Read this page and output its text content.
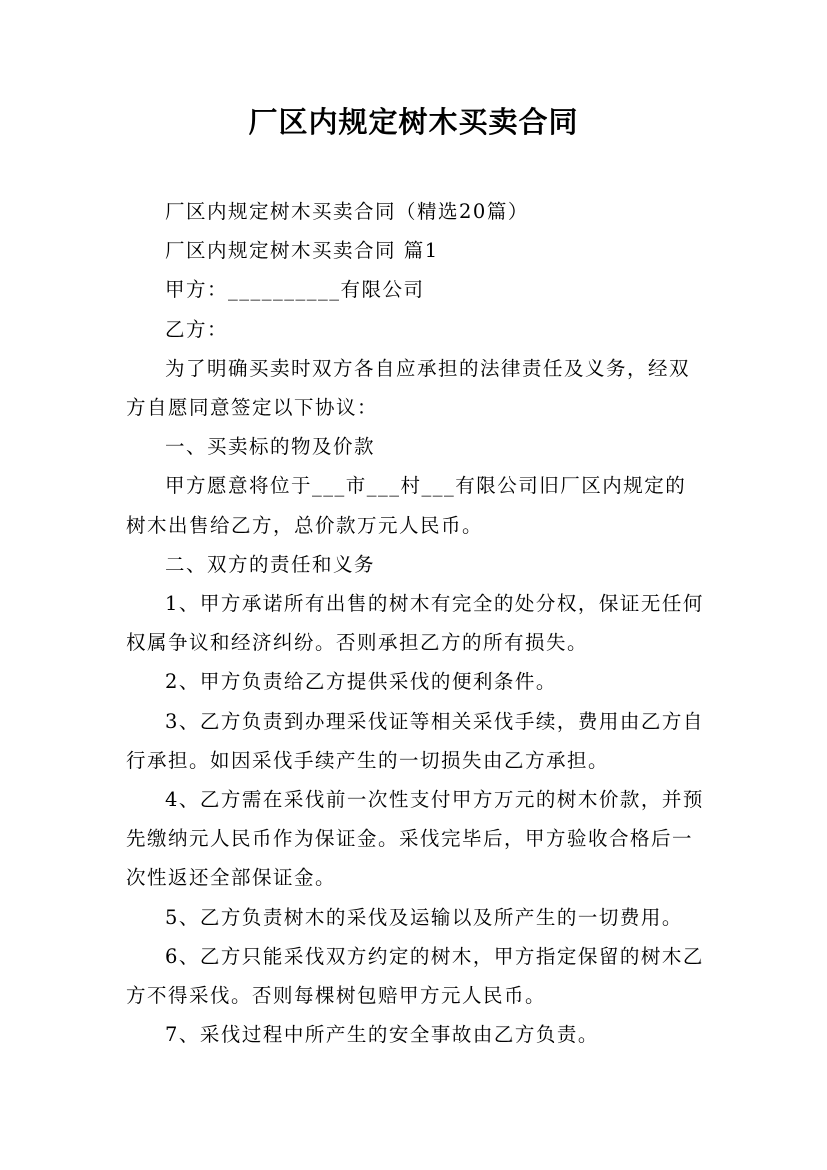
厂区内规定树木买卖合同

厂区内规定树木买卖合同（精选20篇）

厂区内规定树木买卖合同 篇1

甲方：__________有限公司

乙方：

为了明确买卖时双方各自应承担的法律责任及义务，经双方自愿同意签定以下协议：

一、买卖标的物及价款

甲方愿意将位于___市___村___有限公司旧厂区内规定的树木出售给乙方，总价款万元人民币。

二、双方的责任和义务

1、甲方承诺所有出售的树木有完全的处分权，保证无任何权属争议和经济纠纷。否则承担乙方的所有损失。

2、甲方负责给乙方提供采伐的便利条件。

3、乙方负责到办理采伐证等相关采伐手续，费用由乙方自行承担。如因采伐手续产生的一切损失由乙方承担。

4、乙方需在采伐前一次性支付甲方万元的树木价款，并预先缴纳元人民币作为保证金。采伐完毕后，甲方验收合格后一次性返还全部保证金。

5、乙方负责树木的采伐及运输以及所产生的一切费用。

6、乙方只能采伐双方约定的树木，甲方指定保留的树木乙方不得采伐。否则每棵树包赔甲方元人民币。

7、采伐过程中所产生的安全事故由乙方负责。
